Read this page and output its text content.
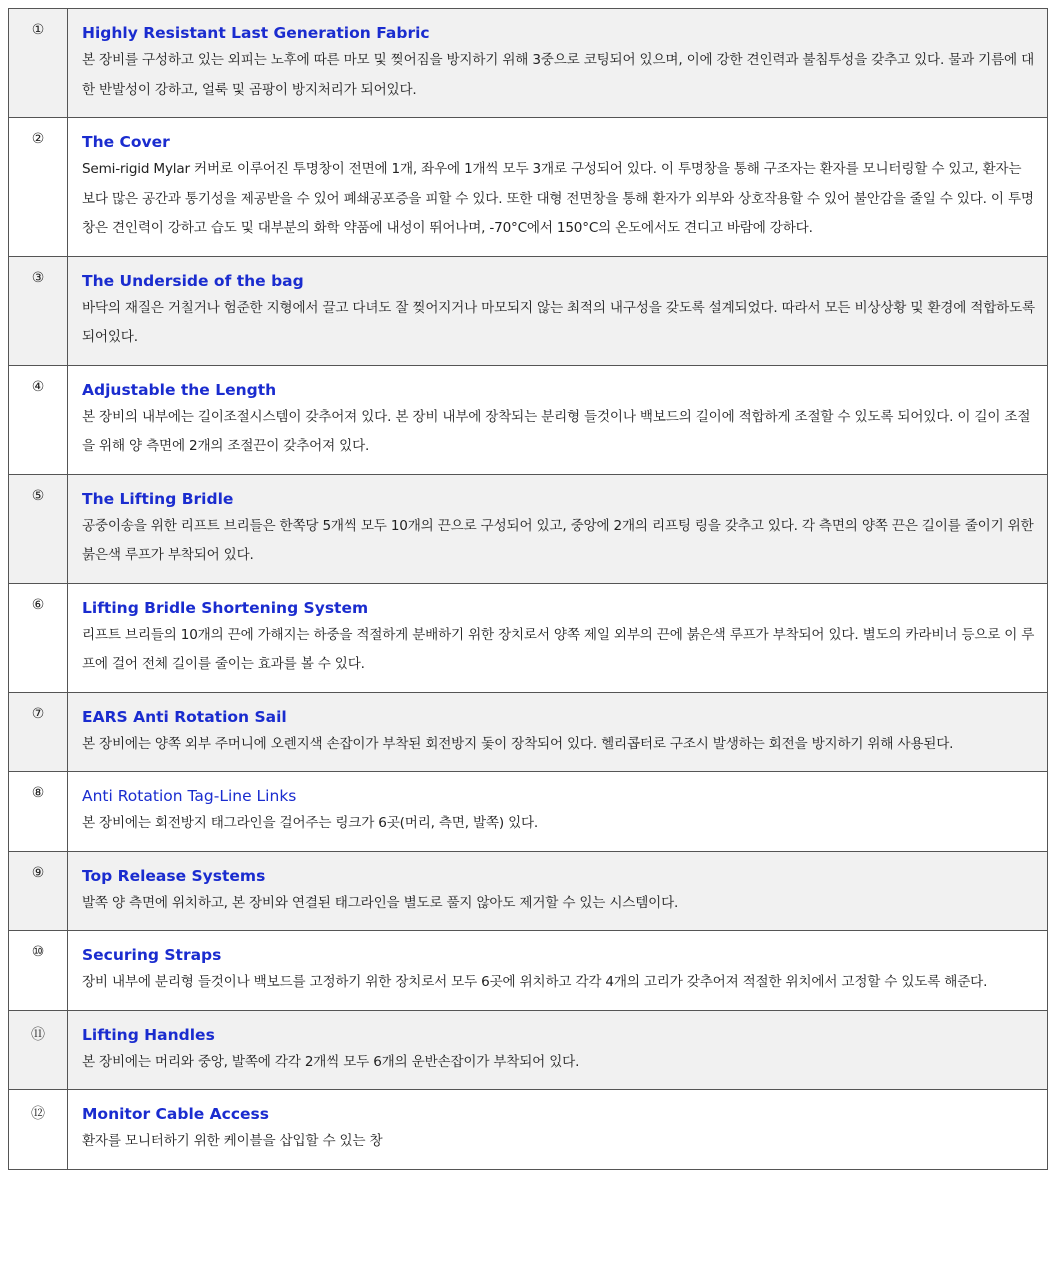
①	Highly Resistant Last Generation Fabric
본 장비를 구성하고 있는 외피는 노후에 따른 마모 및 찢어짐을 방지하기 위해 3중으로 코팅되어 있으며, 이에 강한 견인력과 불침투성을 갖추고 있다. 물과 기름에 대한 반발성이 강하고, 얼룩 및 곰팡이 방지처리가 되어있다.

②	The Cover
Semi-rigid Mylar 커버로 이루어진 투명창이 전면에 1개, 좌우에 1개씩 모두 3개로 구성되어 있다. 이 투명창을 통해 구조자는 환자를 모니터링할 수 있고, 환자는 보다 많은 공간과 통기성을 제공받을 수 있어 폐쇄공포증을 피할 수 있다. 또한 대형 전면창을 통해 환자가 외부와 상호작용할 수 있어 불안감을 줄일 수 있다. 이 투명창은 견인력이 강하고 습도 및 대부분의 화학 약품에 내성이 뛰어나며, -70°C에서 150°C의 온도에서도 견디고 바람에 강하다.

③	The Underside of the bag
바닥의 재질은 거칠거나 험준한 지형에서 끌고 다녀도 잘 찢어지거나 마모되지 않는 최적의 내구성을 갖도록 설계되었다. 따라서 모든 비상상황 및 환경에 적합하도록 되어있다.

④	Adjustable the Length
본 장비의 내부에는 길이조절시스템이 갖추어져 있다. 본 장비 내부에 장착되는 분리형 들것이나 백보드의 길이에 적합하게 조절할 수 있도록 되어있다. 이 길이 조절을 위해 양 측면에 2개의 조절끈이 갖추어져 있다.

⑤	The Lifting Bridle
공중이송을 위한 리프트 브리들은 한쪽당 5개씩 모두 10개의 끈으로 구성되어 있고, 중앙에 2개의 리프팅 링을 갖추고 있다. 각 측면의 양쪽 끈은 길이를 줄이기 위한 붉은색 루프가 부착되어 있다.

⑥	Lifting Bridle Shortening System
리프트 브리들의 10개의 끈에 가해지는 하중을 적절하게 분배하기 위한 장치로서 양쪽 제일 외부의 끈에 붉은색 루프가 부착되어 있다. 별도의 카라비너 등으로 이 루프에 걸어 전체 길이를 줄이는 효과를 볼 수 있다.

⑦	EARS Anti Rotation Sail
본 장비에는 양쪽 외부 주머니에 오렌지색 손잡이가 부착된 회전방지 돛이 장착되어 있다. 헬리콥터로 구조시 발생하는 회전을 방지하기 위해 사용된다.

⑧	Anti Rotation Tag-Line Links
본 장비에는 회전방지 태그라인을 걸어주는 링크가 6곳(머리, 측면, 발쪽) 있다.

⑨	Top Release Systems
발쪽 양 측면에 위치하고, 본 장비와 연결된 태그라인을 별도로 풀지 않아도 제거할 수 있는 시스템이다.

⑩	Securing Straps
장비 내부에 분리형 들것이나 백보드를 고정하기 위한 장치로서 모두 6곳에 위치하고 각각 4개의 고리가 갖추어져 적절한 위치에서 고정할 수 있도록 해준다.

⑪	Lifting Handles
본 장비에는 머리와 중앙, 발쪽에 각각 2개씩 모두 6개의 운반손잡이가 부착되어 있다.

⑫	Monitor Cable Access
환자를 모니터하기 위한 케이블을 삽입할 수 있는 창
